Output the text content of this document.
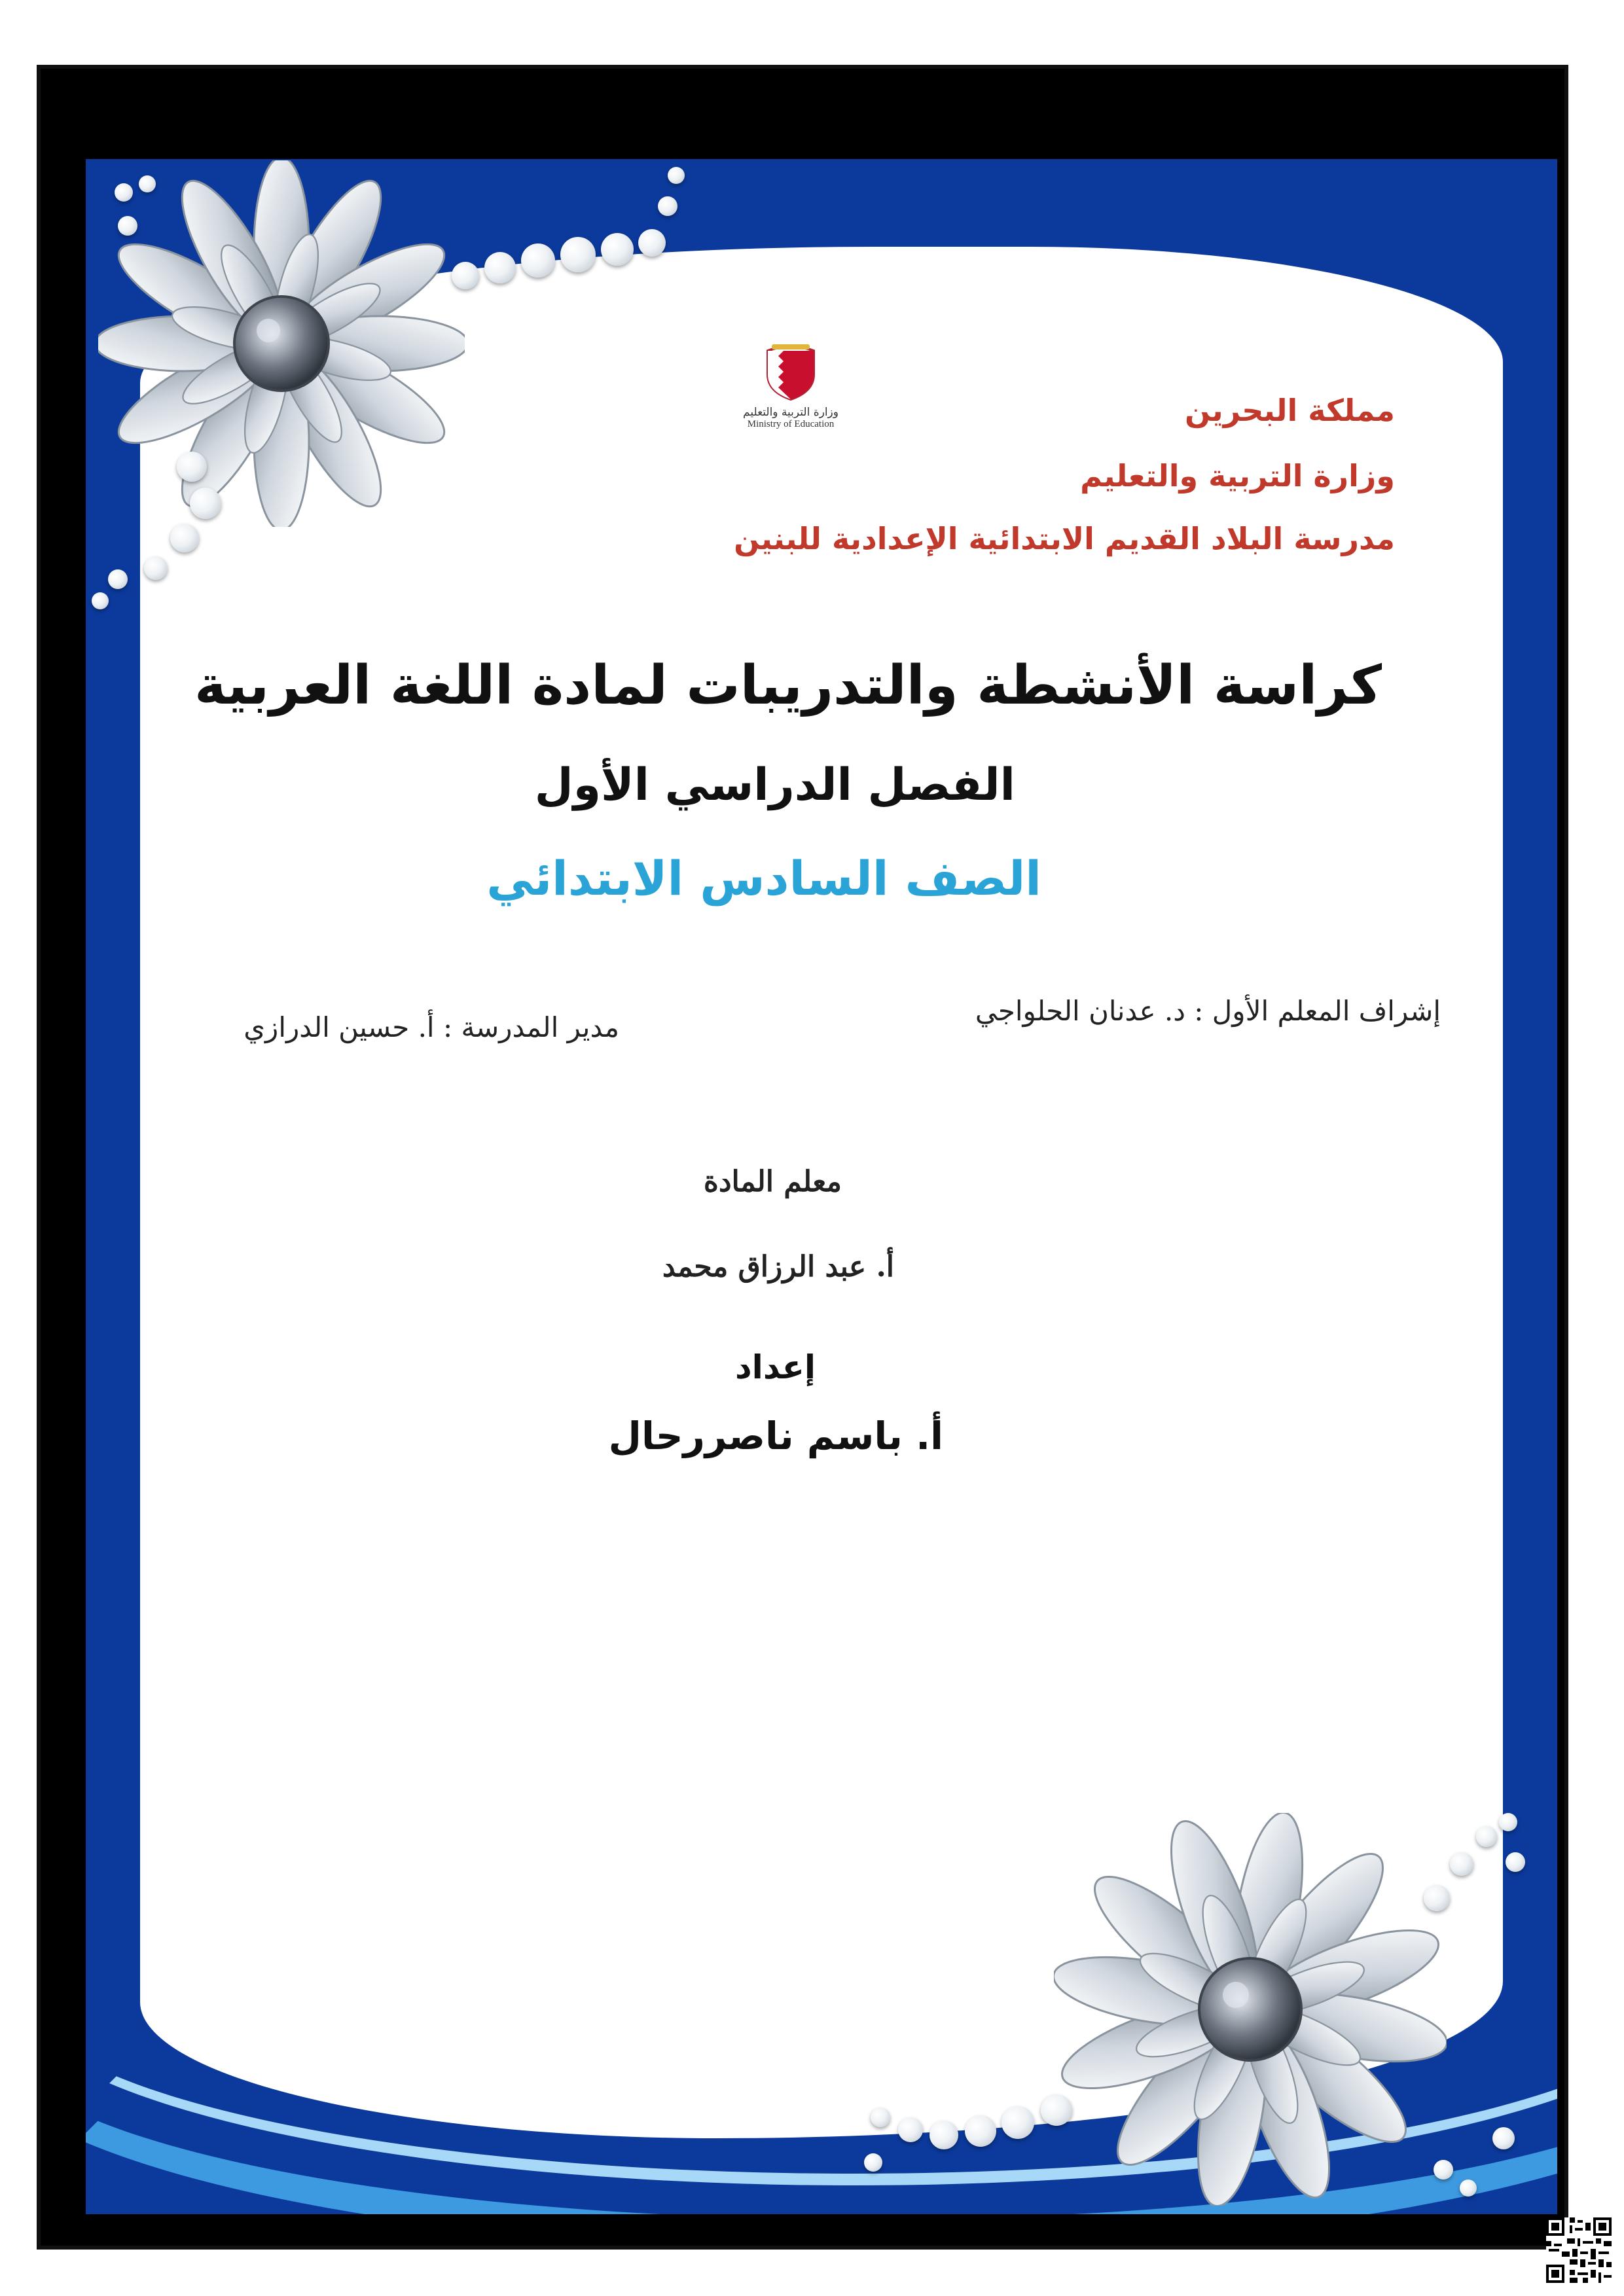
وزارة التربية والتعليم
Ministry of Education	مملكة البحرين
وزارة التربية والتعليم
مدرسة البلاد القديم الابتدائية الإعدادية للبنين
كراسة الأنشطة والتدريبات لمادة اللغة العربية
الفصل الدراسي الأول
الصف السادس الابتدائي
إشراف المعلم الأول : د. عدنان الحلواجي
مدير المدرسة : أ. حسين الدرازي
معلم المادة
أ. عبد الرزاق محمد
إعداد
أ. باسم ناصررحال
